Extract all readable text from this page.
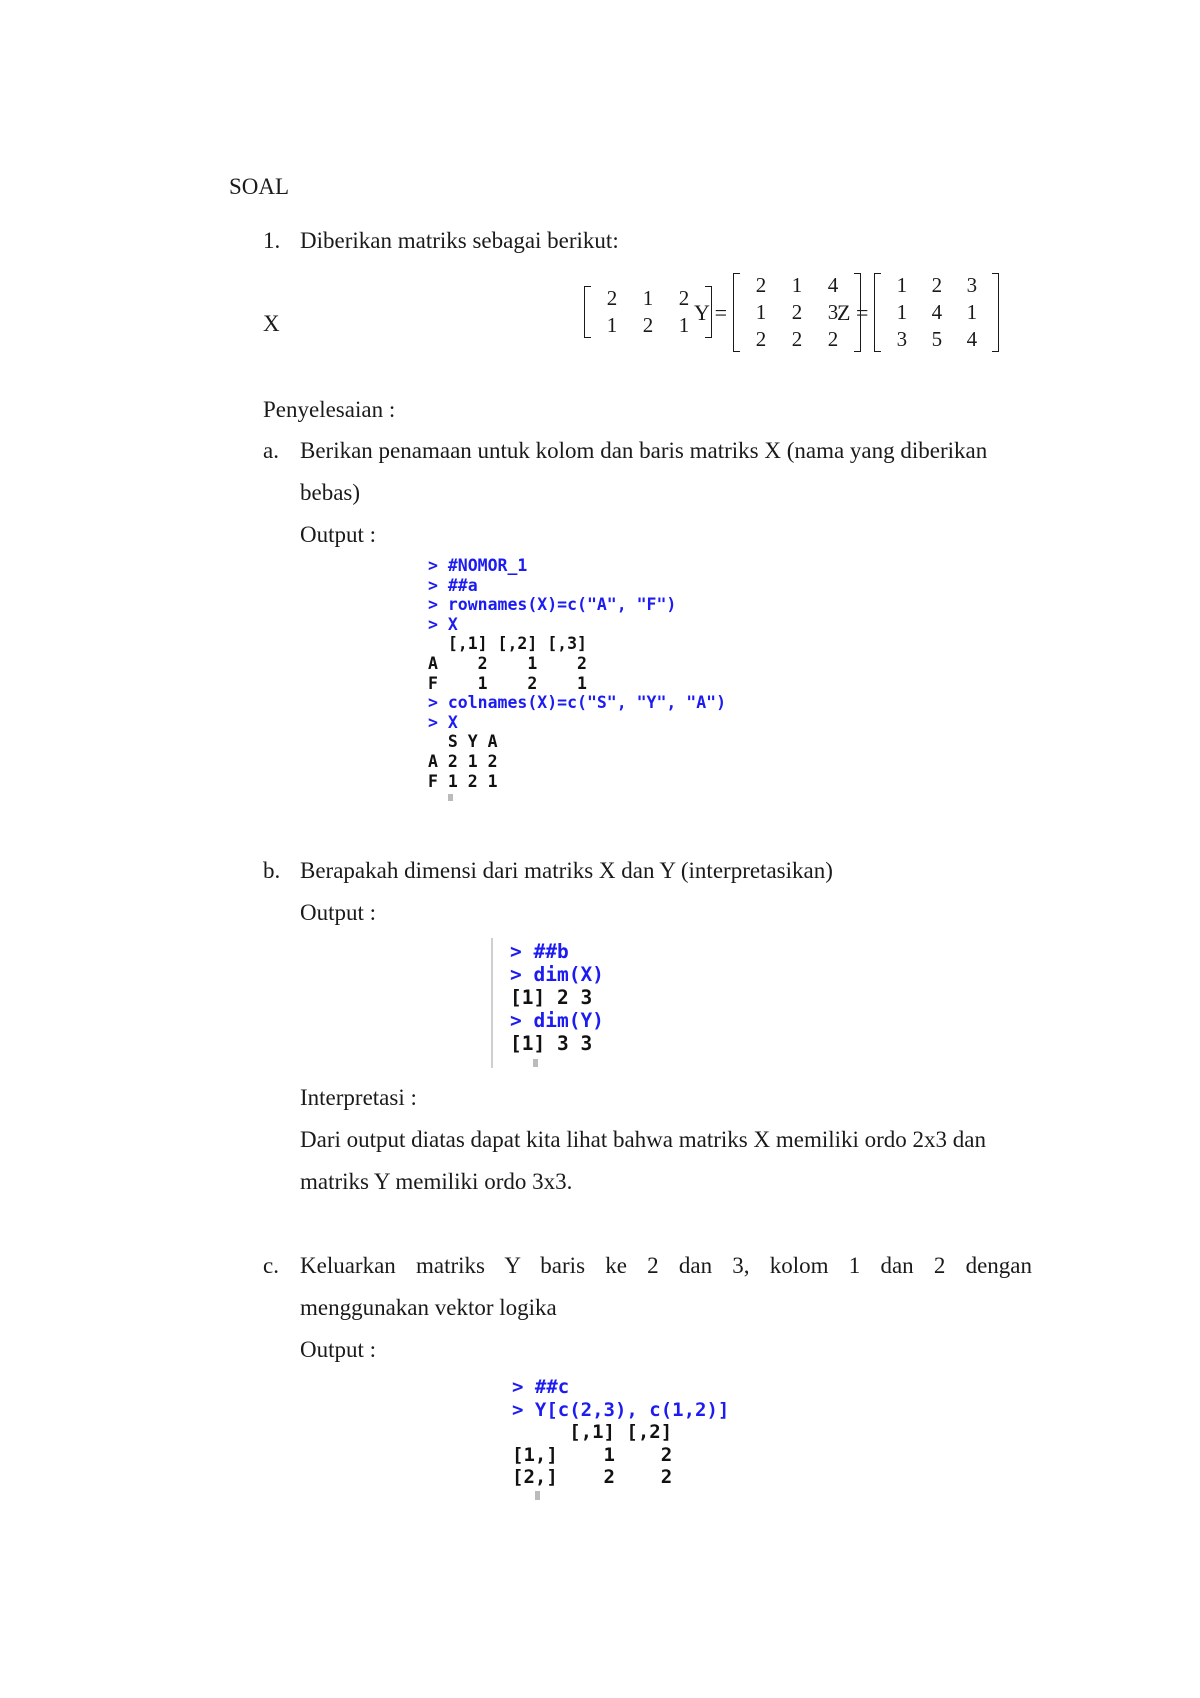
SOAL
1. Diberikan matriks sebagai berikut:
X
2	1	2
1	2	1
Y =
2	1	4
1	2	3
2	2	2
Z =
1	2	3
1	4	1
3	5	4
Penyelesaian :
a. Berikan penamaan untuk kolom dan baris matriks X (nama yang diberikan
bebas)
Output :
> #NOMOR_1
> ##a
> rownames(X)=c("A", "F")
> X
[,1] [,2] [,3]
A    2    1    2
F    1    2    1
> colnames(X)=c("S", "Y", "A")
> X
S Y A
A 2 1 2
F 1 2 1
b. Berapakah dimensi dari matriks X dan Y (interpretasikan)
Output :
> ##b
> dim(X)
[1] 2 3
> dim(Y)
[1] 3 3
Interpretasi :
Dari output diatas dapat kita lihat bahwa matriks X memiliki ordo 2x3 dan
matriks Y memiliki ordo 3x3.
c. Keluarkan matriks Y baris ke 2 dan 3, kolom 1 dan 2 dengan
menggunakan vektor logika
Output :
> ##c
> Y[c(2,3), c(1,2)]
[,1] [,2]
[1,]    1    2
[2,]    2    2
